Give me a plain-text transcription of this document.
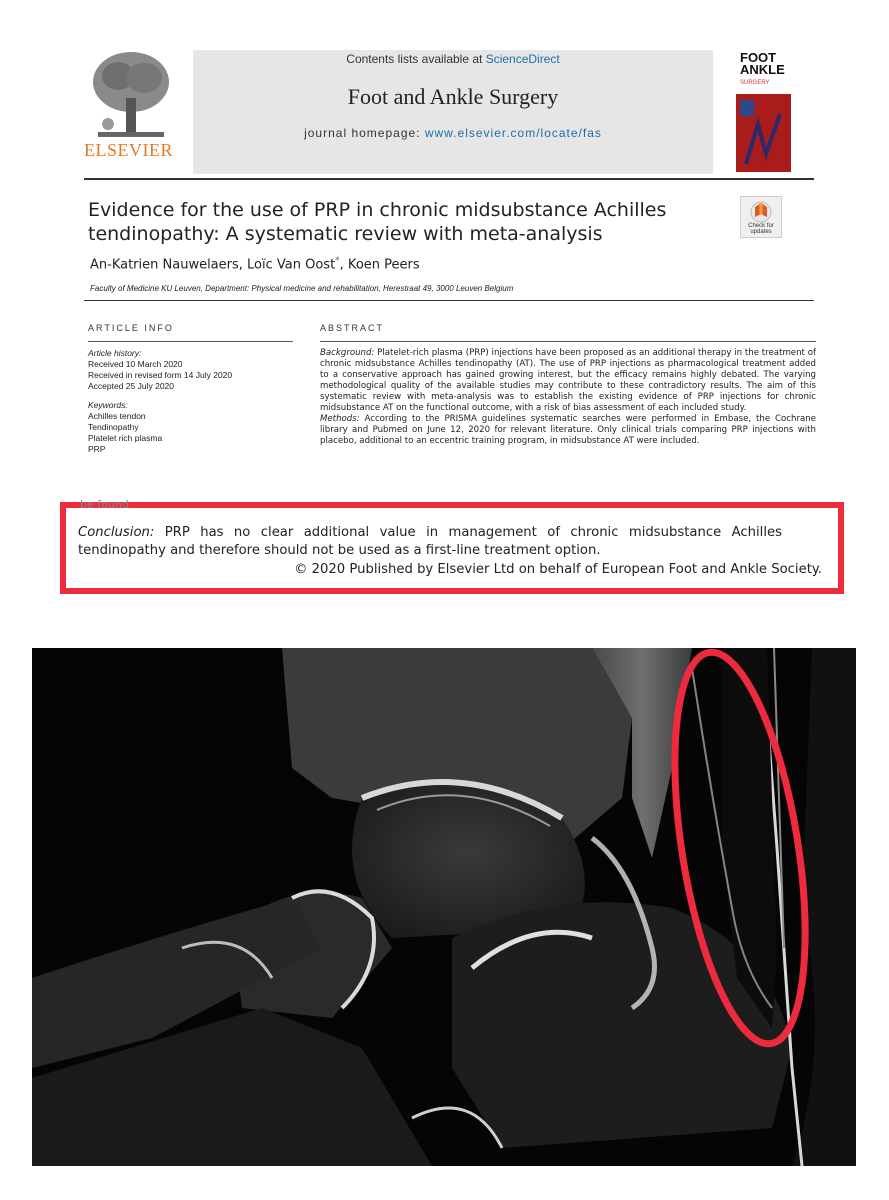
ELSEVIER
Contents lists available at ScienceDirect
Foot and Ankle Surgery
journal homepage: www.elsevier.com/locate/fas
FOOT
ANKLE
SURGERY
Evidence for the use of PRP in chronic midsubstance Achilles tendinopathy: A systematic review with meta-analysis	Check for updates
An-Katrien Nauwelaers, Loïc Van Oost*, Koen Peers
Faculty of Medicine KU Leuven, Department: Physical medicine and rehabilitation, Herestraat 49, 3000 Leuven Belgium
ARTICLE INFO	ABSTRACT
Article history:
Received 10 March 2020
Received in revised form 14 July 2020
Accepted 25 July 2020
Keywords:
Achilles tendon
Tendinopathy
Platelet rich plasma
PRP
Background: Platelet-rich plasma (PRP) injections have been proposed as an additional therapy in the treatment of chronic midsubstance Achilles tendinopathy (AT). The use of PRP injections as pharmacological treatment added to a conservative approach has gained growing interest, but the efficacy remains highly debated. The varying methodological quality of the available studies may contribute to these contradictory results. The aim of this systematic review with meta-analysis was to establish the existing evidence of PRP injections for chronic midsubstance AT on the functional outcome, with a risk of bias assessment of each included study.
Methods: According to the PRISMA guidelines systematic searches were performed in Embase, the Cochrane library and Pubmed on June 12, 2020 for relevant literature. Only clinical trials comparing PRP injections with placebo, additional to an eccentric training program, in midsubstance AT were included.
be found.
Conclusion: PRP has no clear additional value in management of chronic midsubstance Achilles tendinopathy and therefore should not be used as a first-line treatment option.
© 2020 Published by Elsevier Ltd on behalf of European Foot and Ankle Society.
